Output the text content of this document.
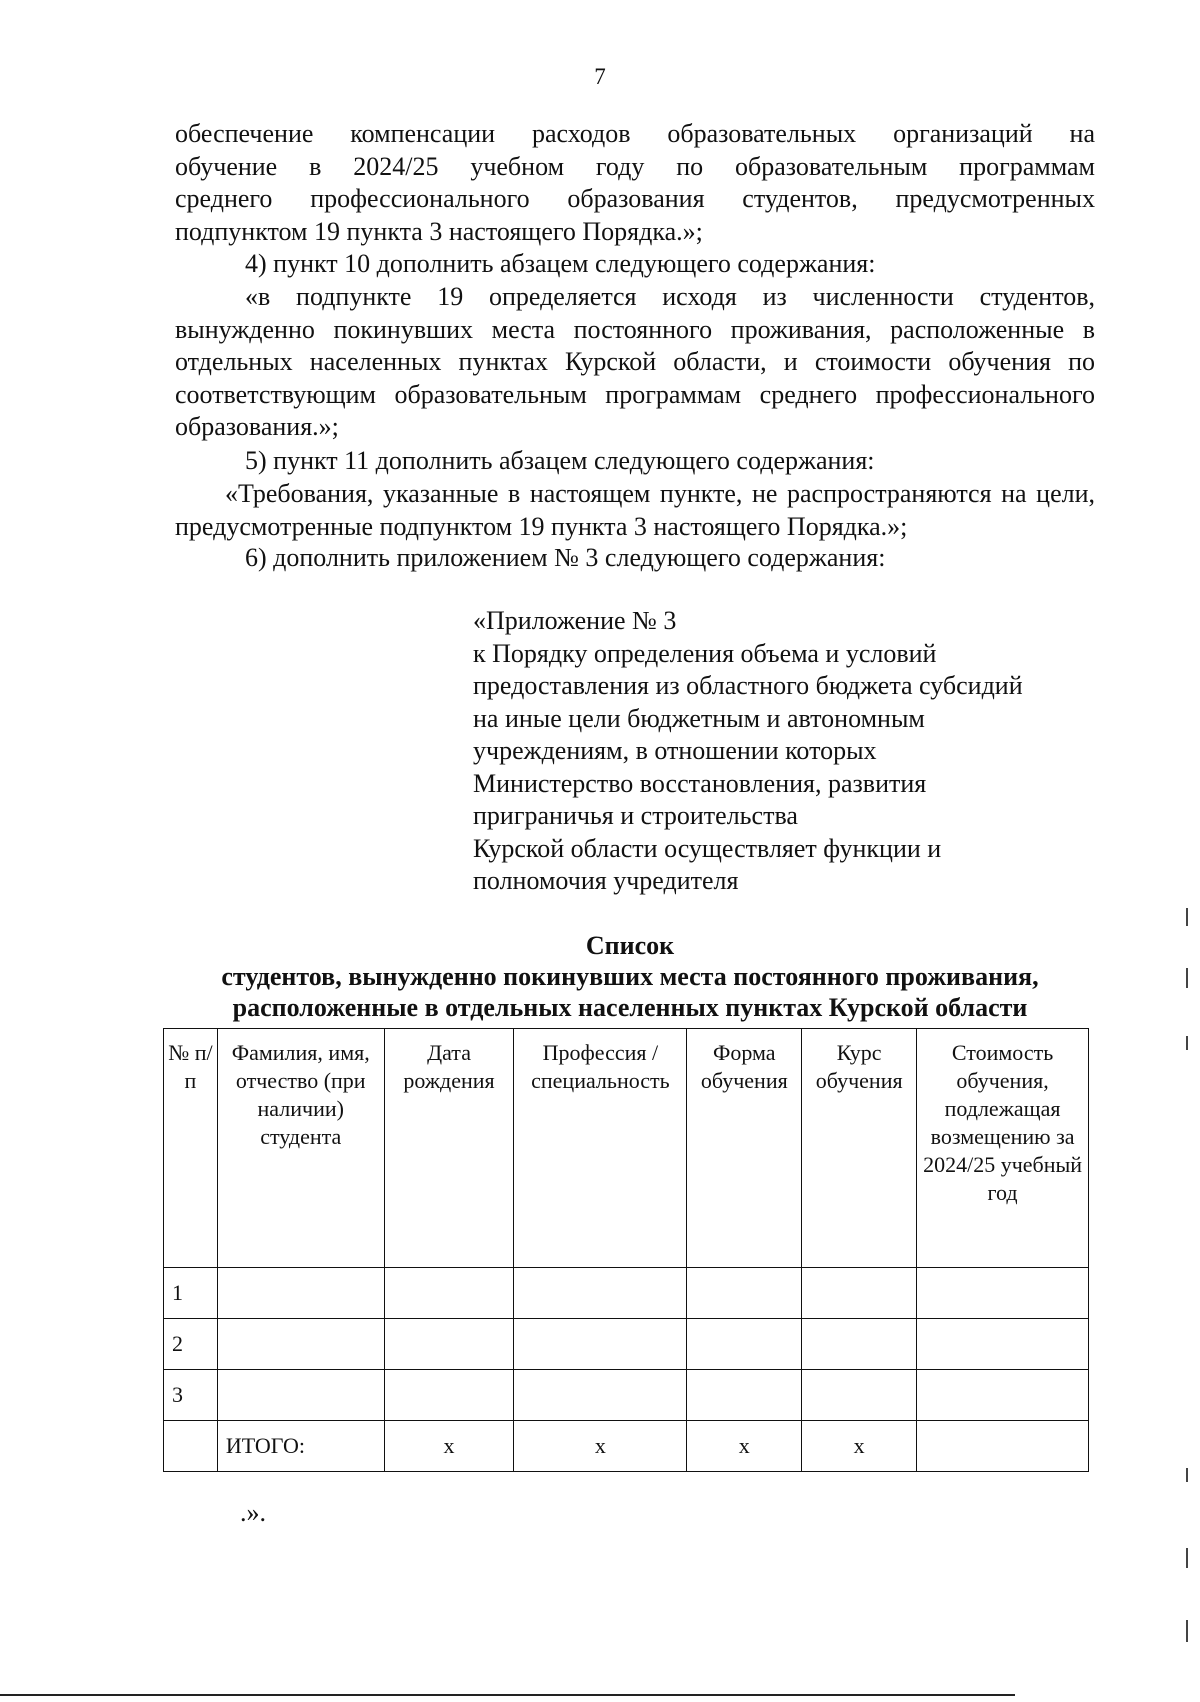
7
обеспечение компенсации расходов образовательных организаций на
обучение в 2024/25 учебном году по образовательным программам
среднего профессионального образования студентов, предусмотренных
подпунктом 19 пункта 3 настоящего Порядка.»;

4) пункт 10 дополнить абзацем следующего содержания:

«в подпункте 19 определяется исходя из численности студентов, вынужденно покинувших места постоянного проживания, расположенные в отдельных населенных пунктах Курской области, и стоимости обучения по соответствующим образовательным программам среднего профессионального образования.»;

5) пункт 11 дополнить абзацем следующего содержания:

«Требования, указанные в настоящем пункте, не распространяются на цели, предусмотренные подпунктом 19 пункта 3 настоящего Порядка.»;

6) дополнить приложением № 3 следующего содержания:

«Приложение № 3
к Порядку определения объема и условий
предоставления из областного бюджета субсидий
на иные цели бюджетным и автономным
учреждениям, в отношении которых
Министерство восстановления, развития
приграничья и строительства
Курской области осуществляет функции и
полномочия учредителя
Список
студентов, вынужденно покинувших места постоянного проживания,
расположенные в отдельных населенных пунктах Курской области
№ п/п	Фамилия, имя, отчество (при наличии) студента	Дата рождения	Профессия / специальность	Форма обучения	Курс обучения	Стоимость обучения, подлежащая возмещению за 2024/25 учебный год
1						
2						
3						
	ИТОГО:	х	х	х	х	
.».
